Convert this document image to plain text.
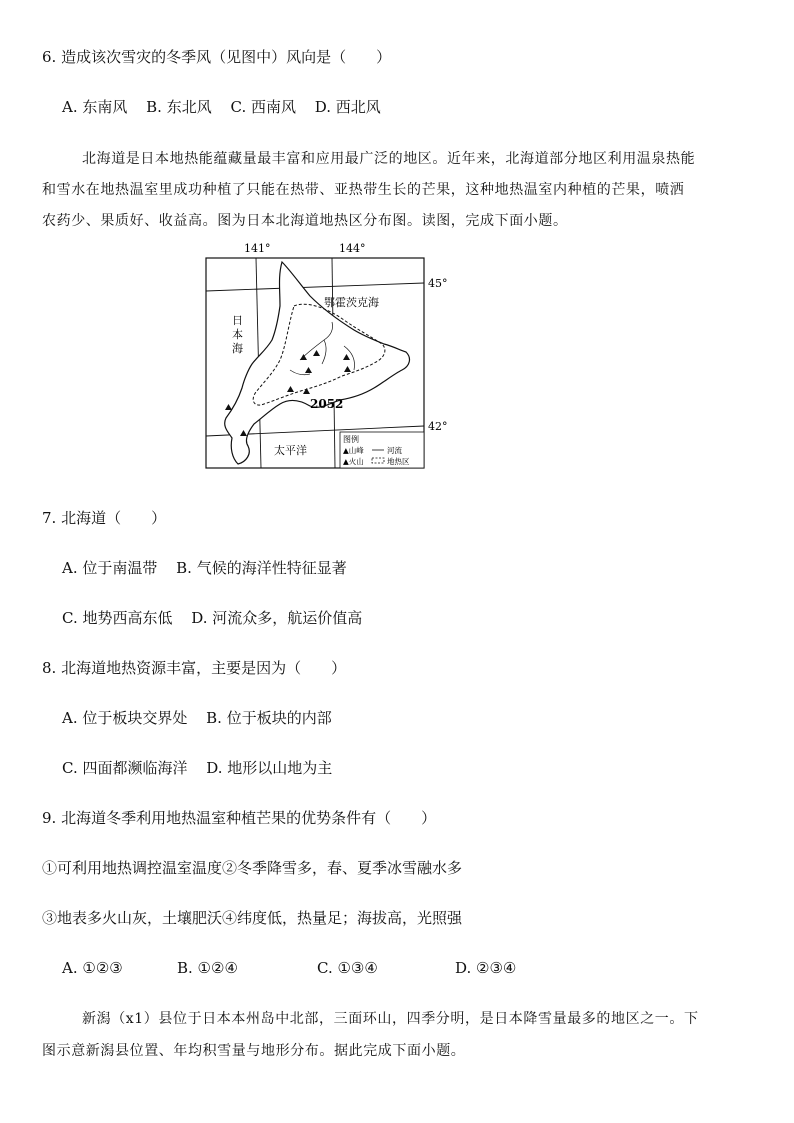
6. 造成该次雪灾的冬季风（见图中）风向是（　　）
A. 东南风 B. 东北风 C. 西南风 D. 西北风
北海道是日本地热能蕴藏量最丰富和应用最广泛的地区。近年来，北海道部分地区利用温泉热能
和雪水在地热温室里成功种植了只能在热带、亚热带生长的芒果，这种地热温室内种植的芒果，喷洒
农药少、果质好、收益高。图为日本北海道地热区分布图。读图，完成下面小题。
141°	144°
45°
42°
2052
鄂霍茨克海
日
本
海
太平洋
图例
▲山峰	河流
▲火山	地热区
7. 北海道（　　）
A. 位于南温带 B. 气候的海洋性特征显著
C. 地势西高东低 D. 河流众多，航运价值高
8. 北海道地热资源丰富，主要是因为（　　）
A. 位于板块交界处 B. 位于板块的内部
C. 四面都濒临海洋 D. 地形以山地为主
9. 北海道冬季利用地热温室种植芒果的优势条件有（　　）
①可利用地热调控温室温度②冬季降雪多，春、夏季冰雪融水多
③地表多火山灰，土壤肥沃④纬度低，热量足；海拔高，光照强
A. ①②③	B. ①②④	C. ①③④	D. ②③④
新潟（x1）县位于日本本州岛中北部，三面环山，四季分明，是日本降雪量最多的地区之一。下
图示意新潟县位置、年均积雪量与地形分布。据此完成下面小题。
